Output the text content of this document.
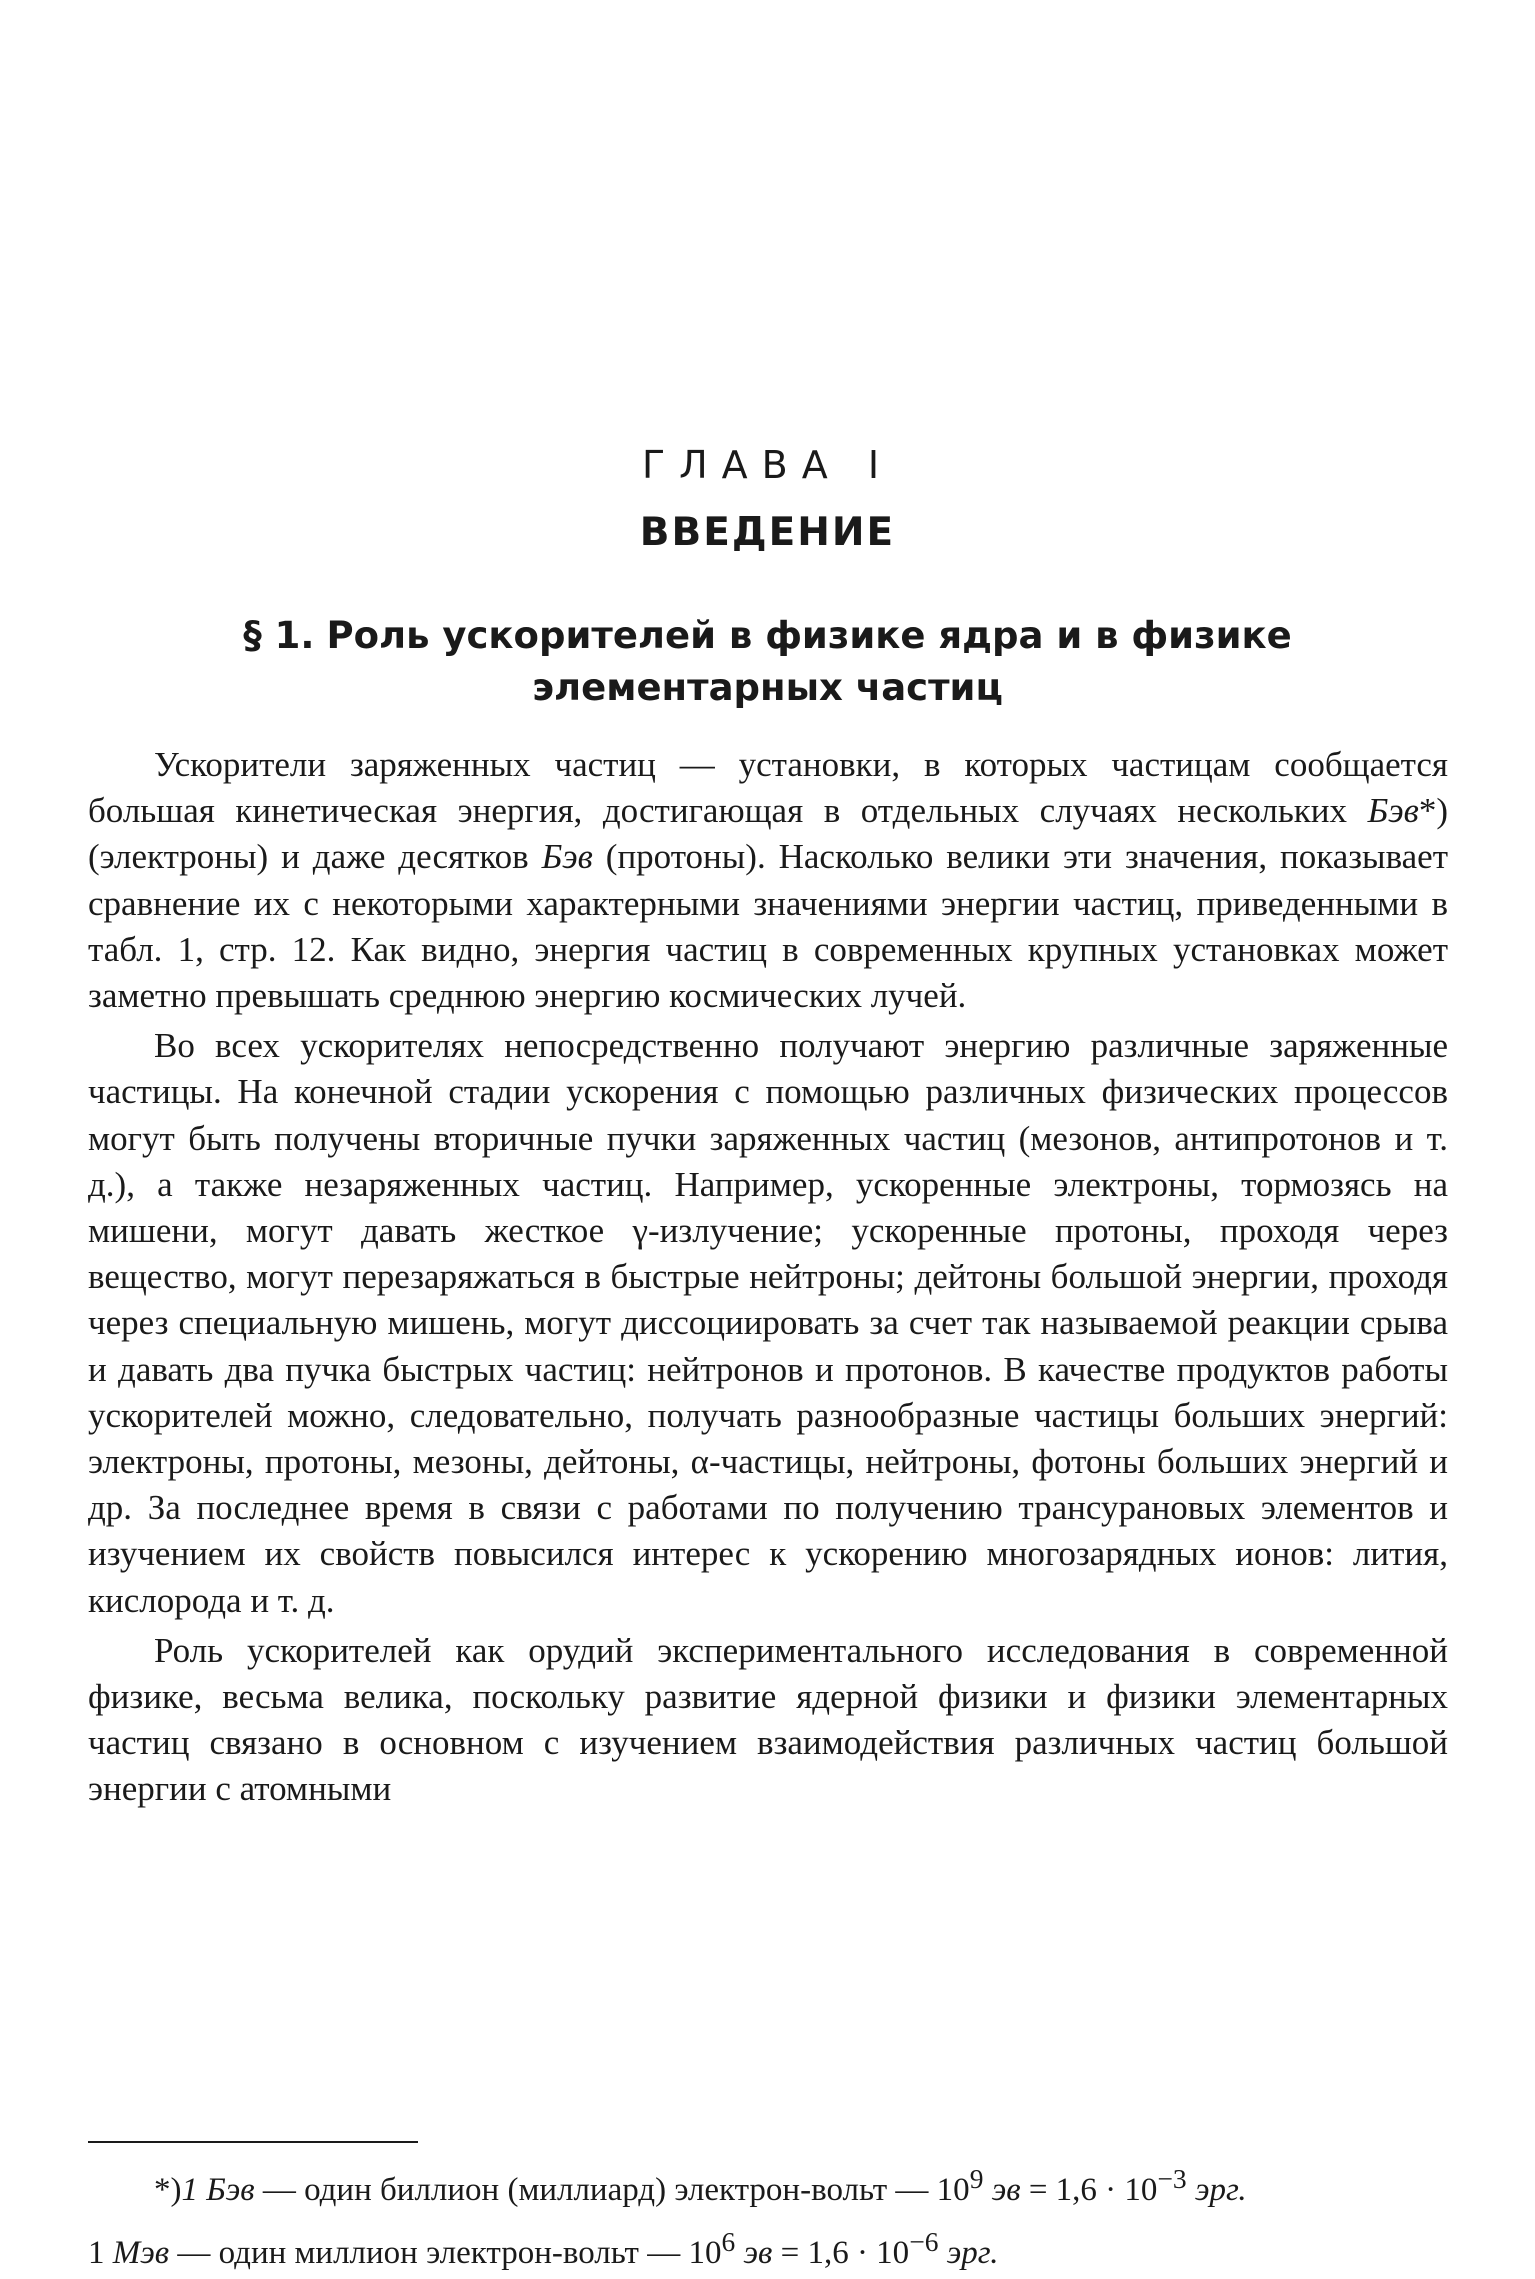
ГЛАВА I
ВВЕДЕНИЕ
§ 1. Роль ускорителей в физике ядра и в физике элементарных частиц

Ускорители заряженных частиц — установки, в которых частицам сообщается большая кинетическая энергия, достигающая в отдельных случаях нескольких Бэв*) (электроны) и даже десятков Бэв (протоны). Насколько велики эти значения, показывает сравнение их с некоторыми характерными значениями энергии частиц, приведенными в табл. 1, стр. 12. Как видно, энергия частиц в современных крупных установках может заметно превышать среднюю энергию космических лучей.

Во всех ускорителях непосредственно получают энергию различные заряженные частицы. На конечной стадии ускорения с помощью различных физических процессов могут быть получены вторичные пучки заряженных частиц (мезонов, антипротонов и т. д.), а также незаряженных частиц. Например, ускоренные электроны, тормозясь на мишени, могут давать жесткое γ-излучение; ускоренные протоны, проходя через вещество, могут перезаряжаться в быстрые нейтроны; дейтоны большой энергии, проходя через специальную мишень, могут диссоциировать за счет так называемой реакции срыва и давать два пучка быстрых частиц: нейтронов и протонов. В качестве продуктов работы ускорителей можно, следовательно, получать разнообразные частицы больших энергий: электроны, протоны, мезоны, дейтоны, α-частицы, нейтроны, фотоны больших энергий и др. За последнее время в связи с работами по получению трансурановых элементов и изучением их свойств повысился интерес к ускорению многозарядных ионов: лития, кислорода и т. д.

Роль ускорителей как орудий экспериментального исследования в современной физике, весьма велика, поскольку развитие ядерной физики и физики элементарных частиц связано в основном с изучением взаимодействия различных частиц большой энергии с атомными

*)1 Бэв — один биллион (миллиард) электрон-вольт — $10^9$ эв = $1,6 \cdot 10^{-3}$ эрг.
1 Мэв — один миллион электрон-вольт — $10^6$ эв = $1,6 \cdot 10^{-6}$ эрг.
